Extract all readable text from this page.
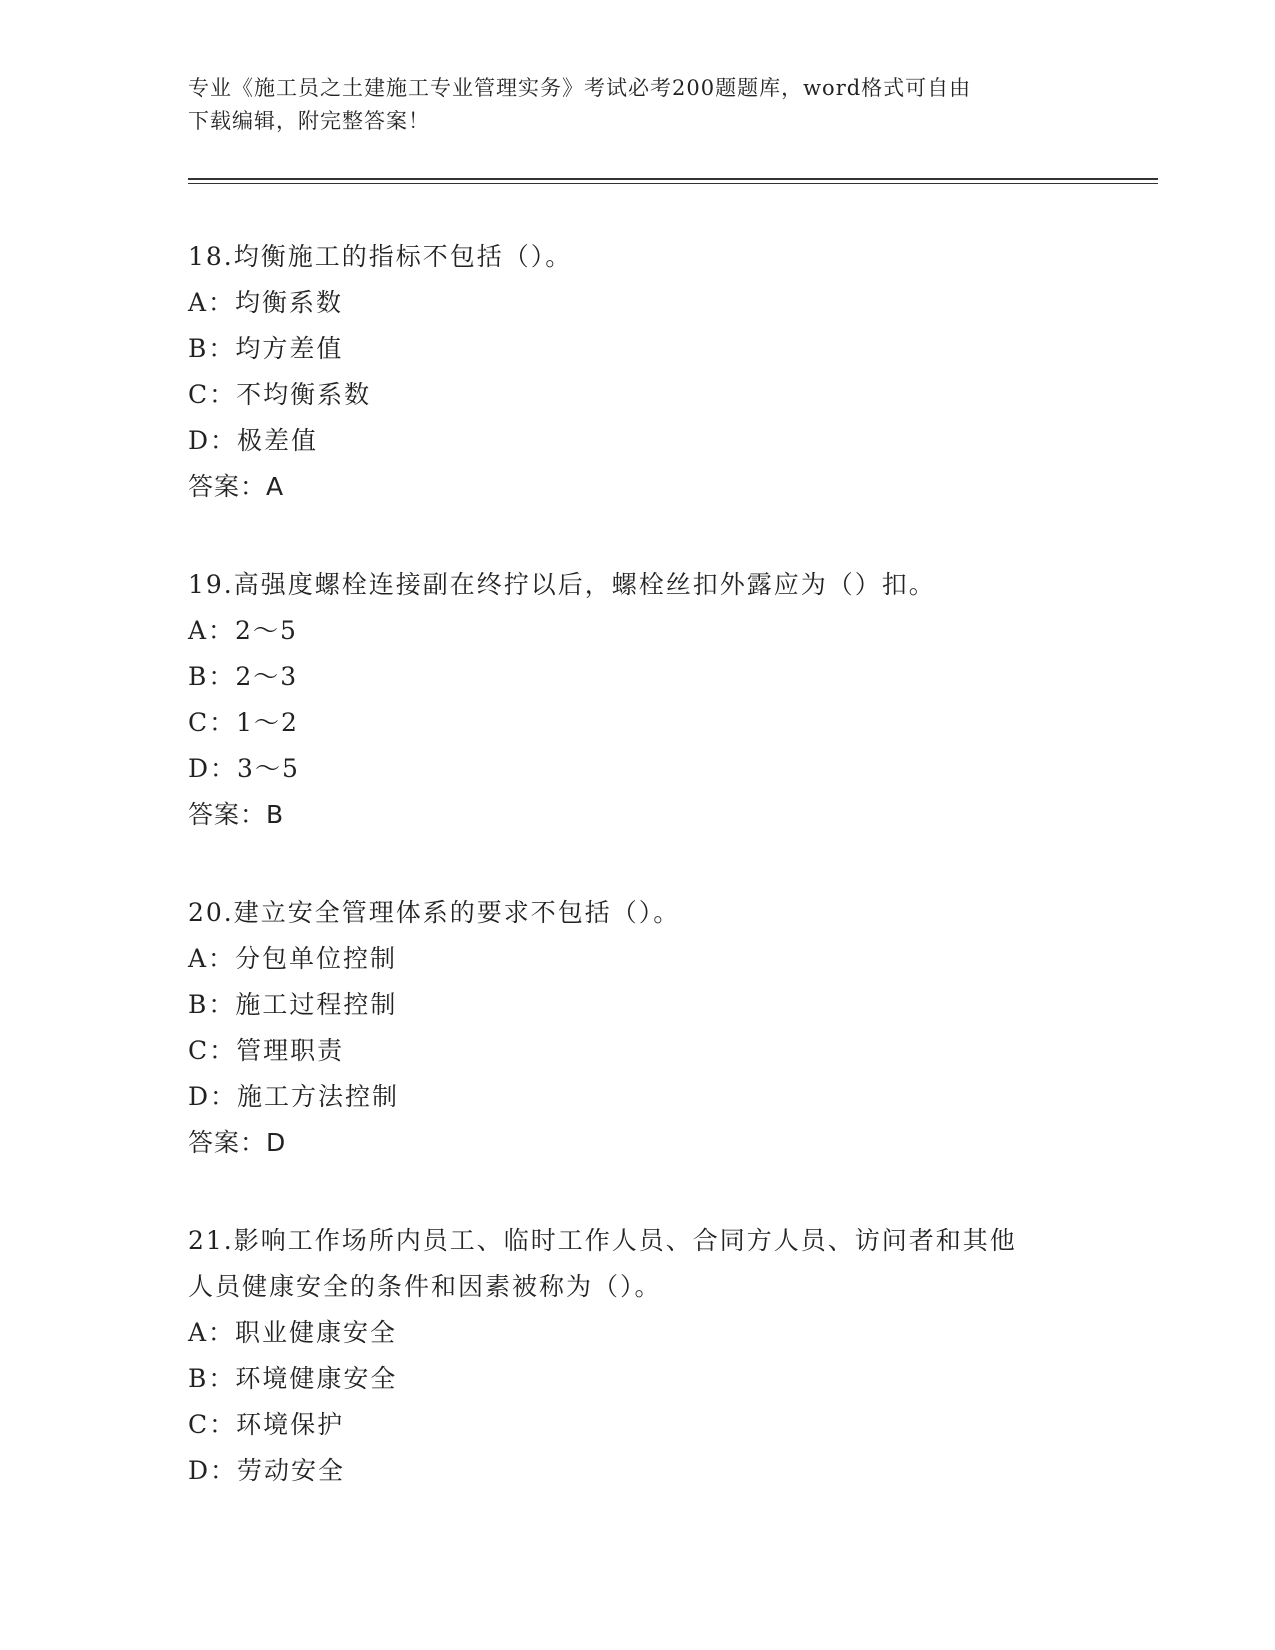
专业《施工员之土建施工专业管理实务》考试必考200题题库，word格式可自由
下载编辑，附完整答案！
18.均衡施工的指标不包括（）。
A：均衡系数
B：均方差值
C：不均衡系数
D：极差值
答案：A
19.高强度螺栓连接副在终拧以后，螺栓丝扣外露应为（）扣。
A：2～5
B：2～3
C：1～2
D：3～5
答案：B
20.建立安全管理体系的要求不包括（）。
A：分包单位控制
B：施工过程控制
C：管理职责
D：施工方法控制
答案：D
21.影响工作场所内员工、临时工作人员、合同方人员、访问者和其他
人员健康安全的条件和因素被称为（）。
A：职业健康安全
B：环境健康安全
C：环境保护
D：劳动安全
